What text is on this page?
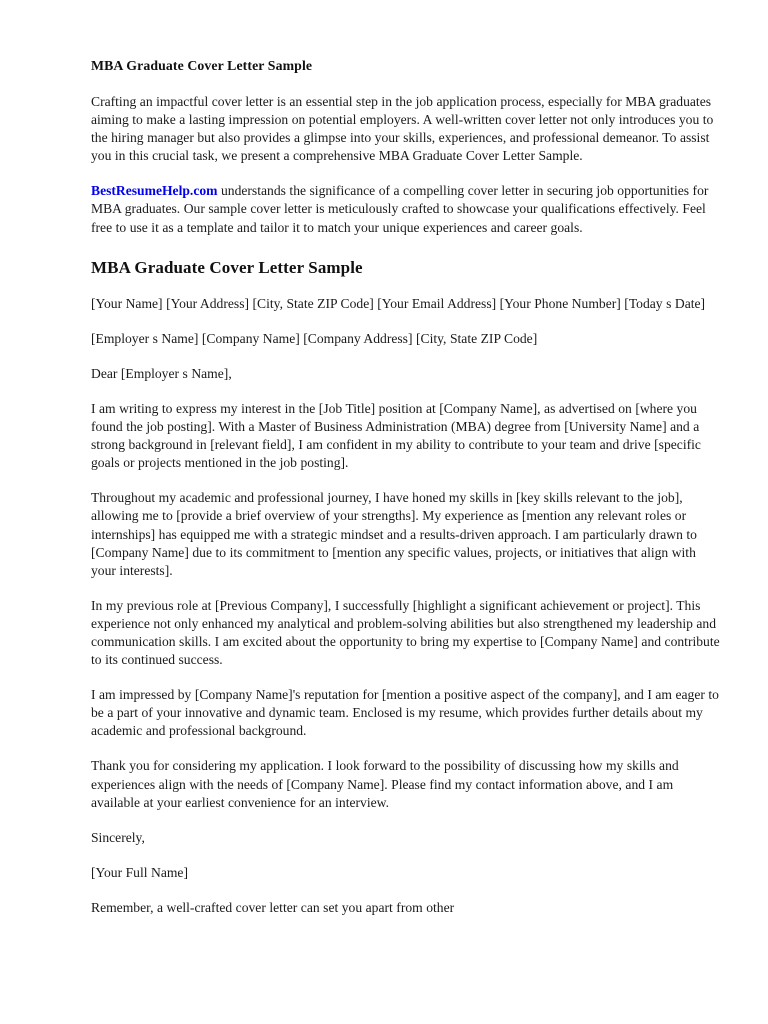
MBA Graduate Cover Letter Sample

Crafting an impactful cover letter is an essential step in the job application process, especially for MBA graduates aiming to make a lasting impression on potential employers. A well-written cover letter not only introduces you to the hiring manager but also provides a glimpse into your skills, experiences, and professional demeanor. To assist you in this crucial task, we present a comprehensive MBA Graduate Cover Letter Sample.

BestResumeHelp.com understands the significance of a compelling cover letter in securing job opportunities for MBA graduates. Our sample cover letter is meticulously crafted to showcase your qualifications effectively. Feel free to use it as a template and tailor it to match your unique experiences and career goals.

MBA Graduate Cover Letter Sample

[Your Name] [Your Address] [City, State ZIP Code] [Your Email Address] [Your Phone Number] [Today s Date]

[Employer s Name] [Company Name] [Company Address] [City, State ZIP Code]

Dear [Employer s Name],

I am writing to express my interest in the [Job Title] position at [Company Name], as advertised on [where you found the job posting]. With a Master of Business Administration (MBA) degree from [University Name] and a strong background in [relevant field], I am confident in my ability to contribute to your team and drive [specific goals or projects mentioned in the job posting].

Throughout my academic and professional journey, I have honed my skills in [key skills relevant to the job], allowing me to [provide a brief overview of your strengths]. My experience as [mention any relevant roles or internships] has equipped me with a strategic mindset and a results-driven approach. I am particularly drawn to [Company Name] due to its commitment to [mention any specific values, projects, or initiatives that align with your interests].

In my previous role at [Previous Company], I successfully [highlight a significant achievement or project]. This experience not only enhanced my analytical and problem-solving abilities but also strengthened my leadership and communication skills. I am excited about the opportunity to bring my expertise to [Company Name] and contribute to its continued success.

I am impressed by [Company Name]'s reputation for [mention a positive aspect of the company], and I am eager to be a part of your innovative and dynamic team. Enclosed is my resume, which provides further details about my academic and professional background.

Thank you for considering my application. I look forward to the possibility of discussing how my skills and experiences align with the needs of [Company Name]. Please find my contact information above, and I am available at your earliest convenience for an interview.

Sincerely,

[Your Full Name]

Remember, a well-crafted cover letter can set you apart from other
